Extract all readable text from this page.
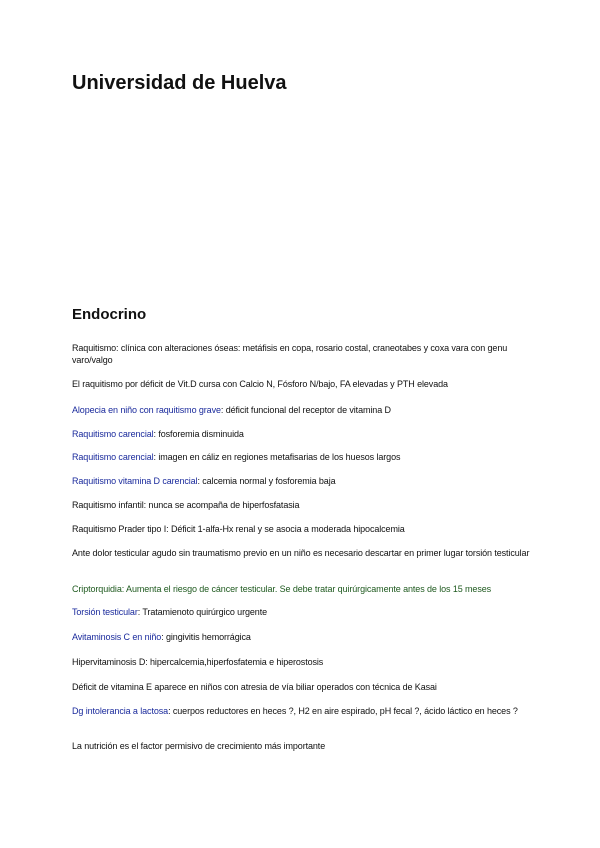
Universidad de Huelva
Endocrino
Raquitismo: clínica con alteraciones óseas: metáfisis en copa, rosario costal, craneotabes y coxa vara con genu varo/valgo
El raquitismo por déficit de Vit.D cursa con Calcio N, Fósforo N/bajo, FA elevadas y PTH elevada
Alopecia en niño con raquitismo grave: déficit funcional del receptor de vitamina D
Raquitismo carencial: fosforemia disminuida
Raquitismo carencial: imagen en cáliz en regiones metafisarias de los huesos largos
Raquitismo vitamina D carencial: calcemia normal y fosforemia baja
Raquitismo infantil: nunca se acompaña de hiperfosfatasia
Raquitismo Prader tipo I: Déficit 1-alfa-Hx renal y se asocia a moderada hipocalcemia
Ante dolor testicular agudo sin traumatismo previo en un niño es necesario descartar en primer lugar torsión testicular
Criptorquidia: Aumenta el riesgo de cáncer testicular. Se debe tratar quirúrgicamente antes de los 15 meses
Torsión testicular: Tratamienoto quirúrgico urgente
Avitaminosis C en niño: gingivitis hemorrágica
Hipervitaminosis D: hipercalcemia,hiperfosfatemia e hiperostosis
Déficit de vitamina E aparece en niños con atresia de vía biliar operados con técnica de Kasai
Dg intolerancia a lactosa: cuerpos reductores en heces ?, H2 en aire espirado, pH fecal ?, ácido láctico en heces ?
La nutrición es el factor permisivo de crecimiento más importante
